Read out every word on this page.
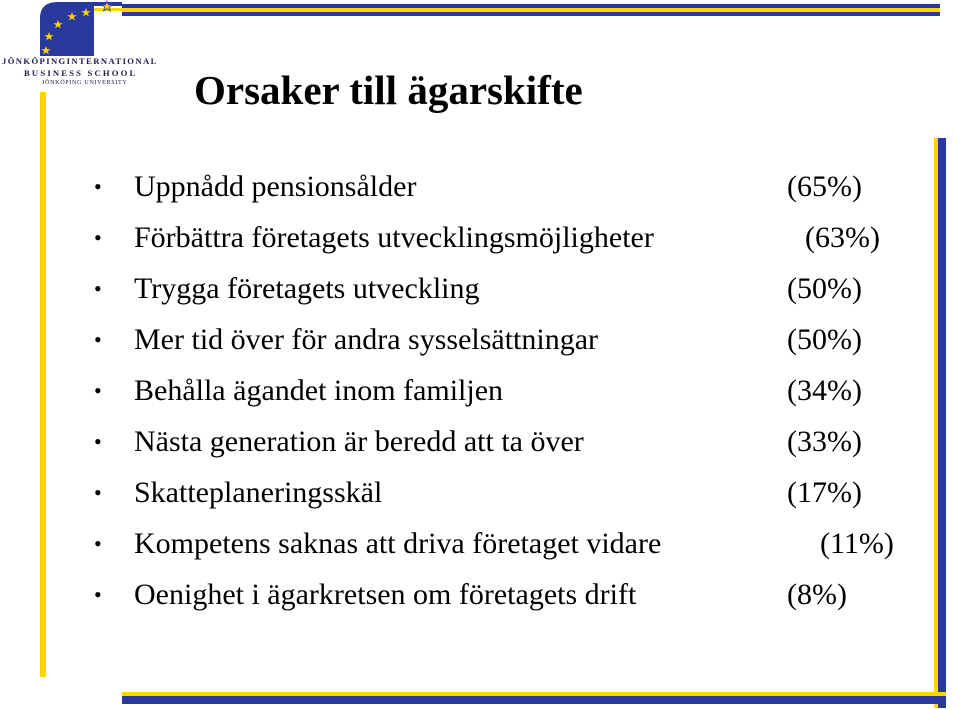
JÖNKÖPINGINTERNATIONAL
BUSINESS SCHOOL
JÖNKÖPING UNIVERSITY	Orsaker till ägarskifte
• Uppnådd pensionsålder	(65%)
• Förbättra företagets utvecklingsmöjligheter	(63%)
• Trygga företagets utveckling	(50%)
• Mer tid över för andra sysselsättningar	(50%)
• Behålla ägandet inom familjen	(34%)
• Nästa generation är beredd att ta över	(33%)
• Skatteplaneringsskäl	(17%)
• Kompetens saknas att driva företaget vidare	(11%)
• Oenighet i ägarkretsen om företagets drift	(8%)
